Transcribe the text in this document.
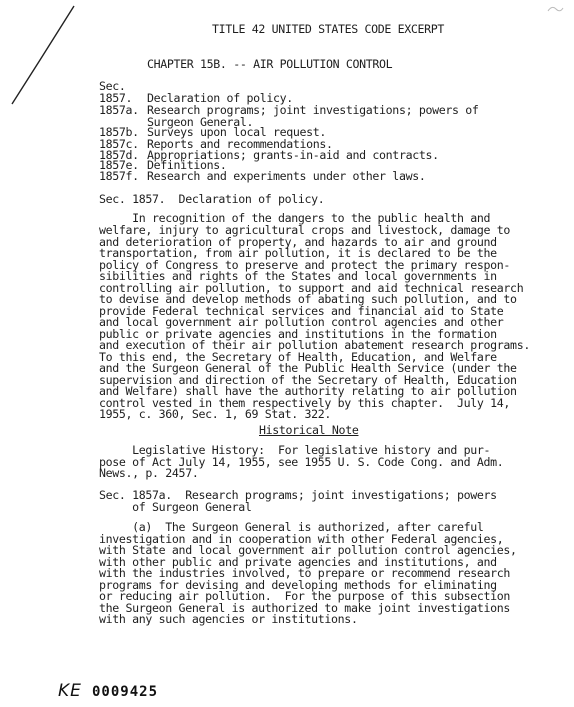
TITLE 42 UNITED STATES CODE EXCERPT
CHAPTER 15B. -- AIR POLLUTION CONTROL
Sec.
1857. Declaration of policy.
1857a. Research programs; joint investigations; powers of
Surgeon General.
1857b. Surveys upon local request.
1857c. Reports and recommendations.
1857d. Appropriations; grants-in-aid and contracts.
1857e. Definitions.
1857f. Research and experiments under other laws.
Sec. 1857.  Declaration of policy.
In recognition of the dangers to the public health and
welfare, injury to agricultural crops and livestock, damage to
and deterioration of property, and hazards to air and ground
transportation, from air pollution, it is declared to be the
policy of Congress to preserve and protect the primary respon-
sibilities and rights of the States and local governments in
controlling air pollution, to support and aid technical research
to devise and develop methods of abating such pollution, and to
provide Federal technical services and financial aid to State
and local government air pollution control agencies and other
public or private agencies and institutions in the formation
and execution of their air pollution abatement research programs.
To this end, the Secretary of Health, Education, and Welfare
and the Surgeon General of the Public Health Service (under the
supervision and direction of the Secretary of Health, Education
and Welfare) shall have the authority relating to air pollution
control vested in them respectively by this chapter.  July 14,
1955, c. 360, Sec. 1, 69 Stat. 322.
Historical Note
Legislative History:  For legislative history and pur-
pose of Act July 14, 1955, see 1955 U. S. Code Cong. and Adm.
News., p. 2457.
Sec. 1857a.  Research programs; joint investigations; powers
of Surgeon General
(a)  The Surgeon General is authorized, after careful
investigation and in cooperation with other Federal agencies,
with State and local government air pollution control agencies,
with other public and private agencies and institutions, and
with the industries involved, to prepare or recommend research
programs for devising and developing methods for eliminating
or reducing air pollution.  For the purpose of this subsection
the Surgeon General is authorized to make joint investigations
with any such agencies or institutions.
KE 0009425
